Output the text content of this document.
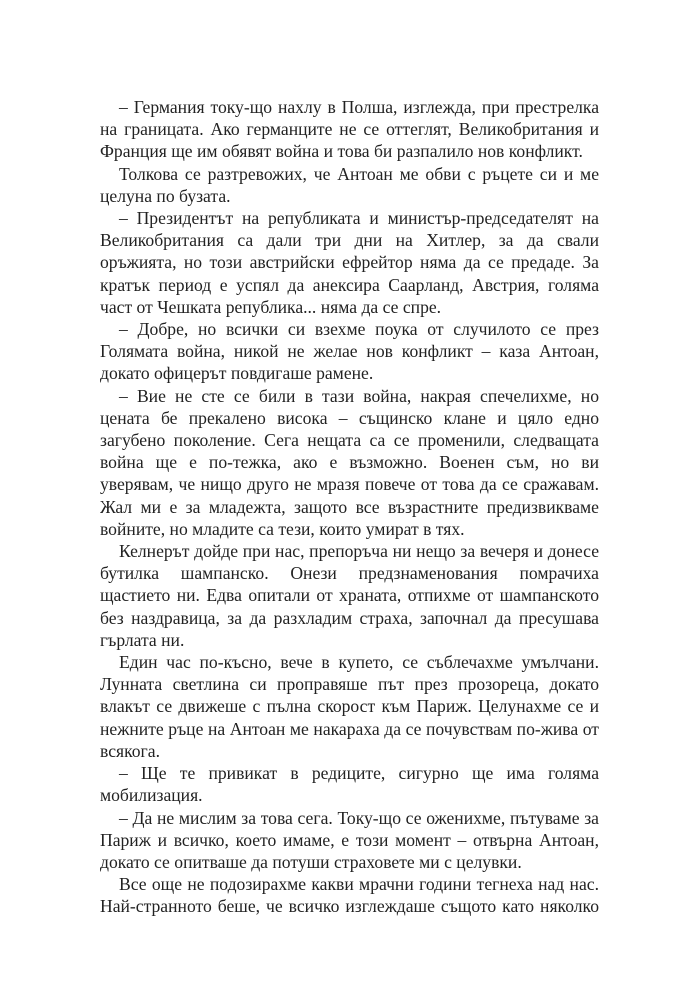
– Германия току-що нахлу в Полша, изглежда, при престрелка на границата. Ако германците не се оттеглят, Великобритания и Франция ще им обявят война и това би разпалило нов конфликт.

Толкова се разтревожих, че Антоан ме обви с ръцете си и ме целуна по бузата.

– Президентът на републиката и министър-председателят на Великобритания са дали три дни на Хитлер, за да свали оръжията, но този австрийски ефрейтор няма да се предаде. За кратък период е успял да анексира Саарланд, Австрия, голяма част от Чешката република... няма да се спре.

– Добре, но всички си взехме поука от случилото се през Голямата война, никой не желае нов конфликт – каза Антоан, докато офицерът повдигаше рамене.

– Вие не сте се били в тази война, накрая спечелихме, но цената бе прекалено висока – същинско клане и цяло едно загубено поколение. Сега нещата са се променили, следващата война ще е по-тежка, ако е възможно. Военен съм, но ви уверявам, че нищо друго не мразя повече от това да се сражавам. Жал ми е за младежта, защото все възрастните предизвикваме войните, но младите са тези, които умират в тях.

Келнерът дойде при нас, препоръча ни нещо за вечеря и донесе бутилка шампанско. Онези предзнаменования помрачиха щастието ни. Едва опитали от храната, отпихме от шампанското без наздравица, за да разхладим страха, започнал да пресушава гърлата ни.

Един час по-късно, вече в купето, се съблечахме умълчани. Лунната светлина си проправяше път през прозореца, докато влакът се движеше с пълна скорост към Париж. Целунахме се и нежните ръце на Антоан ме накараха да се почувствам по-жива от всякога.

– Ще те привикат в редиците, сигурно ще има голяма мобилизация.

– Да не мислим за това сега. Току-що се оженихме, пътуваме за Париж и всичко, което имаме, е този момент – отвърна Антоан, докато се опитваше да потуши страховете ми с целувки.

Все още не подозирахме какви мрачни години тегнеха над нас. Най-странното беше, че всичко изглеждаше същото като няколко
